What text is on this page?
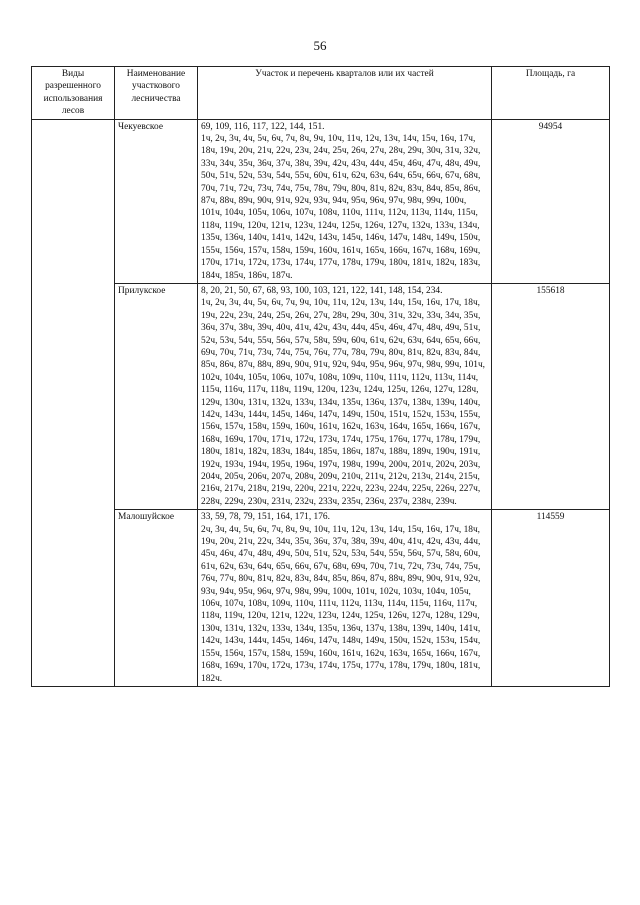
56
Виды разрешенного использования лесов	Наименование участкового лесничества	Участок и перечень кварталов или их частей	Площадь, га
	Чекуевское	69, 109, 116, 117, 122, 144, 151.
1ч, 2ч, 3ч, 4ч, 5ч, 6ч, 7ч, 8ч, 9ч, 10ч, 11ч, 12ч, 13ч, 14ч, 15ч, 16ч, 17ч, 18ч, 19ч, 20ч, 21ч, 22ч, 23ч, 24ч, 25ч, 26ч, 27ч, 28ч, 29ч, 30ч, 31ч, 32ч, 33ч, 34ч, 35ч, 36ч, 37ч, 38ч, 39ч, 42ч, 43ч, 44ч, 45ч, 46ч, 47ч, 48ч, 49ч, 50ч, 51ч, 52ч, 53ч, 54ч, 55ч, 60ч, 61ч, 62ч, 63ч, 64ч, 65ч, 66ч, 67ч, 68ч, 70ч, 71ч, 72ч, 73ч, 74ч, 75ч, 78ч, 79ч, 80ч, 81ч, 82ч, 83ч, 84ч, 85ч, 86ч, 87ч, 88ч, 89ч, 90ч, 91ч, 92ч, 93ч, 94ч, 95ч, 96ч, 97ч, 98ч, 99ч, 100ч, 101ч, 104ч, 105ч, 106ч, 107ч, 108ч, 110ч, 111ч, 112ч, 113ч, 114ч, 115ч, 118ч, 119ч, 120ч, 121ч, 123ч, 124ч, 125ч, 126ч, 127ч, 132ч, 133ч, 134ч, 135ч, 136ч, 140ч, 141ч, 142ч, 143ч, 145ч, 146ч, 147ч, 148ч, 149ч, 150ч, 155ч, 156ч, 157ч, 158ч, 159ч, 160ч, 161ч, 165ч, 166ч, 167ч, 168ч, 169ч, 170ч, 171ч, 172ч, 173ч, 174ч, 177ч, 178ч, 179ч, 180ч, 181ч, 182ч, 183ч, 184ч, 185ч, 186ч, 187ч.	94954
	Прилукское	8, 20, 21, 50, 67, 68, 93, 100, 103, 121, 122, 141, 148, 154, 234.
1ч, 2ч, 3ч, 4ч, 5ч, 6ч, 7ч, 9ч, 10ч, 11ч, 12ч, 13ч, 14ч, 15ч, 16ч, 17ч, 18ч, 19ч, 22ч, 23ч, 24ч, 25ч, 26ч, 27ч, 28ч, 29ч, 30ч, 31ч, 32ч, 33ч, 34ч, 35ч, 36ч, 37ч, 38ч, 39ч, 40ч, 41ч, 42ч, 43ч, 44ч, 45ч, 46ч, 47ч, 48ч, 49ч, 51ч, 52ч, 53ч, 54ч, 55ч, 56ч, 57ч, 58ч, 59ч, 60ч, 61ч, 62ч, 63ч, 64ч, 65ч, 66ч, 69ч, 70ч, 71ч, 73ч, 74ч, 75ч, 76ч, 77ч, 78ч, 79ч, 80ч, 81ч, 82ч, 83ч, 84ч, 85ч, 86ч, 87ч, 88ч, 89ч, 90ч, 91ч, 92ч, 94ч, 95ч, 96ч, 97ч, 98ч, 99ч, 101ч, 102ч, 104ч, 105ч, 106ч, 107ч, 108ч, 109ч, 110ч, 111ч, 112ч, 113ч, 114ч, 115ч, 116ч, 117ч, 118ч, 119ч, 120ч, 123ч, 124ч, 125ч, 126ч, 127ч, 128ч, 129ч, 130ч, 131ч, 132ч, 133ч, 134ч, 135ч, 136ч, 137ч, 138ч, 139ч, 140ч, 142ч, 143ч, 144ч, 145ч, 146ч, 147ч, 149ч, 150ч, 151ч, 152ч, 153ч, 155ч, 156ч, 157ч, 158ч, 159ч, 160ч, 161ч, 162ч, 163ч, 164ч, 165ч, 166ч, 167ч, 168ч, 169ч, 170ч, 171ч, 172ч, 173ч, 174ч, 175ч, 176ч, 177ч, 178ч, 179ч, 180ч, 181ч, 182ч, 183ч, 184ч, 185ч, 186ч, 187ч, 188ч, 189ч, 190ч, 191ч, 192ч, 193ч, 194ч, 195ч, 196ч, 197ч, 198ч, 199ч, 200ч, 201ч, 202ч, 203ч, 204ч, 205ч, 206ч, 207ч, 208ч, 209ч, 210ч, 211ч, 212ч, 213ч, 214ч, 215ч, 216ч, 217ч, 218ч, 219ч, 220ч, 221ч, 222ч, 223ч, 224ч, 225ч, 226ч, 227ч, 228ч, 229ч, 230ч, 231ч, 232ч, 233ч, 235ч, 236ч, 237ч, 238ч, 239ч.	155618
	Малошуйское	33, 59, 78, 79, 151, 164, 171, 176.
2ч, 3ч, 4ч, 5ч, 6ч, 7ч, 8ч, 9ч, 10ч, 11ч, 12ч, 13ч, 14ч, 15ч, 16ч, 17ч, 18ч, 19ч, 20ч, 21ч, 22ч, 34ч, 35ч, 36ч, 37ч, 38ч, 39ч, 40ч, 41ч, 42ч, 43ч, 44ч, 45ч, 46ч, 47ч, 48ч, 49ч, 50ч, 51ч, 52ч, 53ч, 54ч, 55ч, 56ч, 57ч, 58ч, 60ч, 61ч, 62ч, 63ч, 64ч, 65ч, 66ч, 67ч, 68ч, 69ч, 70ч, 71ч, 72ч, 73ч, 74ч, 75ч, 76ч, 77ч, 80ч, 81ч, 82ч, 83ч, 84ч, 85ч, 86ч, 87ч, 88ч, 89ч, 90ч, 91ч, 92ч, 93ч, 94ч, 95ч, 96ч, 97ч, 98ч, 99ч, 100ч, 101ч, 102ч, 103ч, 104ч, 105ч, 106ч, 107ч, 108ч, 109ч, 110ч, 111ч, 112ч, 113ч, 114ч, 115ч, 116ч, 117ч, 118ч, 119ч, 120ч, 121ч, 122ч, 123ч, 124ч, 125ч, 126ч, 127ч, 128ч, 129ч, 130ч, 131ч, 132ч, 133ч, 134ч, 135ч, 136ч, 137ч, 138ч, 139ч, 140ч, 141ч, 142ч, 143ч, 144ч, 145ч, 146ч, 147ч, 148ч, 149ч, 150ч, 152ч, 153ч, 154ч, 155ч, 156ч, 157ч, 158ч, 159ч, 160ч, 161ч, 162ч, 163ч, 165ч, 166ч, 167ч, 168ч, 169ч, 170ч, 172ч, 173ч, 174ч, 175ч, 177ч, 178ч, 179ч, 180ч, 181ч, 182ч.	114559
